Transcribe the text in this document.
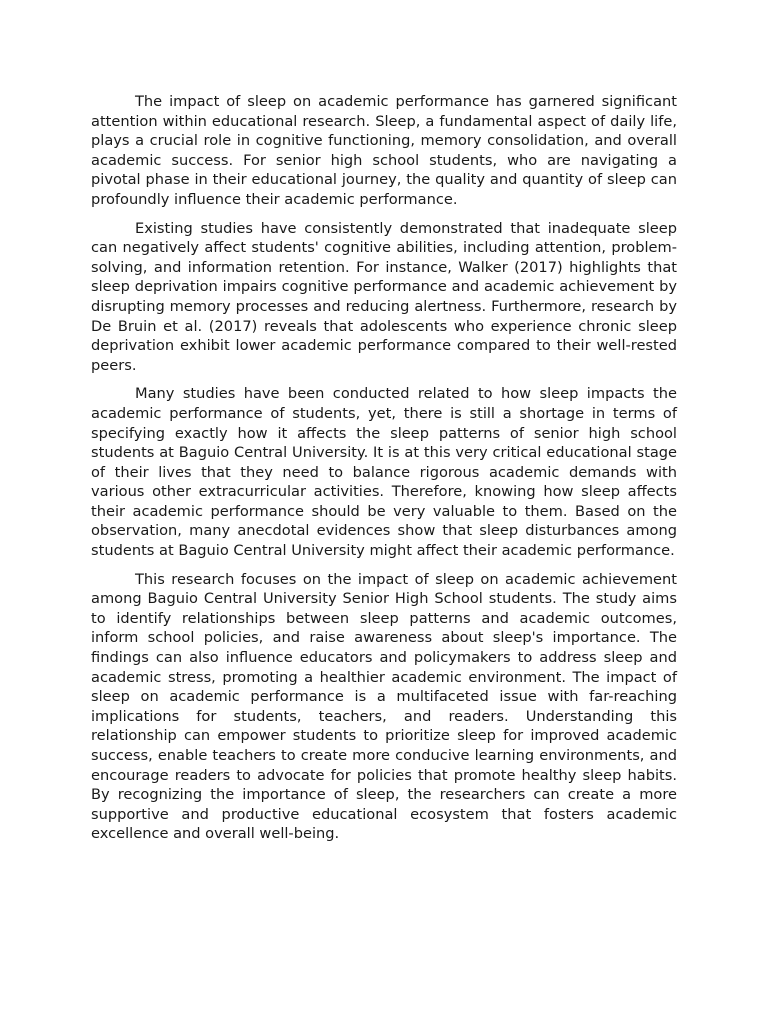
The impact of sleep on academic performance has garnered significant attention within educational research. Sleep, a fundamental aspect of daily life, plays a crucial role in cognitive functioning, memory consolidation, and overall academic success. For senior high school students, who are navigating a pivotal phase in their educational journey, the quality and quantity of sleep can profoundly influence their academic performance.

Existing studies have consistently demonstrated that inadequate sleep can negatively affect students' cognitive abilities, including attention, problem-solving, and information retention. For instance, Walker (2017) highlights that sleep deprivation impairs cognitive performance and academic achievement by disrupting memory processes and reducing alertness. Furthermore, research by De Bruin et al. (2017) reveals that adolescents who experience chronic sleep deprivation exhibit lower academic performance compared to their well-rested peers.

Many studies have been conducted related to how sleep impacts the academic performance of students, yet, there is still a shortage in terms of specifying exactly how it affects the sleep patterns of senior high school students at Baguio Central University. It is at this very critical educational stage of their lives that they need to balance rigorous academic demands with various other extracurricular activities. Therefore, knowing how sleep affects their academic performance should be very valuable to them. Based on the observation, many anecdotal evidences show that sleep disturbances among students at Baguio Central University might affect their academic performance.

This research focuses on the impact of sleep on academic achievement among Baguio Central University Senior High School students. The study aims to identify relationships between sleep patterns and academic outcomes, inform school policies, and raise awareness about sleep's importance. The findings can also influence educators and policymakers to address sleep and academic stress, promoting a healthier academic environment. The impact of sleep on academic performance is a multifaceted issue with far-reaching implications for students, teachers, and readers. Understanding this relationship can empower students to prioritize sleep for improved academic success, enable teachers to create more conducive learning environments, and encourage readers to advocate for policies that promote healthy sleep habits. By recognizing the importance of sleep, the researchers can create a more supportive and productive educational ecosystem that fosters academic excellence and overall well-being.
